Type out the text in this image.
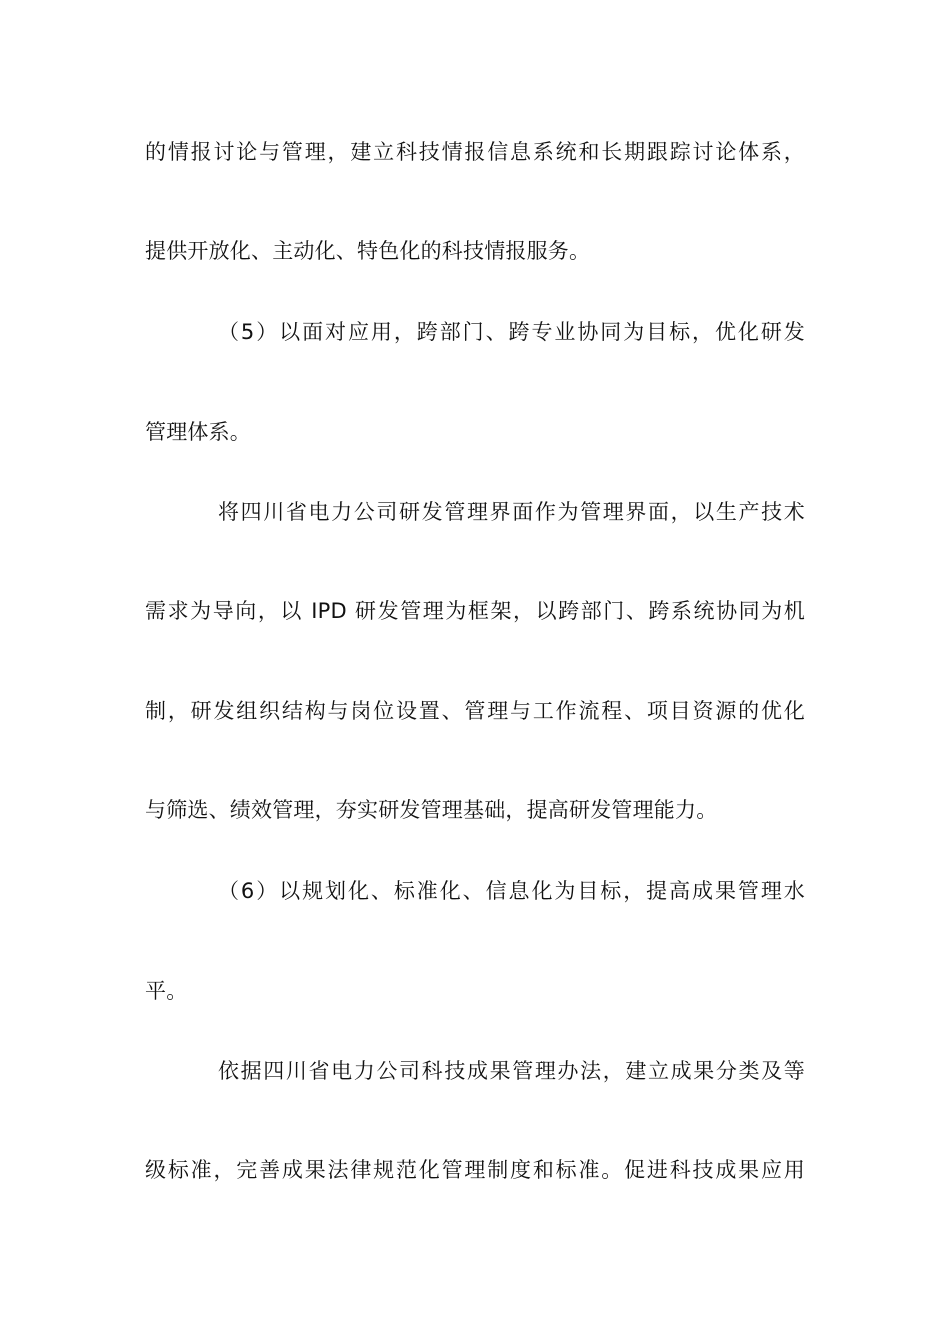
的情报讨论与管理，建立科技情报信息系统和长期跟踪讨论体系，
提供开放化、主动化、特色化的科技情报服务。
（5）以面对应用，跨部门、跨专业协同为目标，优化研发
管理体系。
将四川省电力公司研发管理界面作为管理界面，以生产技术
需求为导向，以 IPD 研发管理为框架，以跨部门、跨系统协同为机
制，研发组织结构与岗位设置、管理与工作流程、项目资源的优化
与筛选、绩效管理，夯实研发管理基础，提高研发管理能力。
（6）以规划化、标准化、信息化为目标，提高成果管理水
平。
依据四川省电力公司科技成果管理办法，建立成果分类及等
级标准，完善成果法律规范化管理制度和标准。促进科技成果应用
